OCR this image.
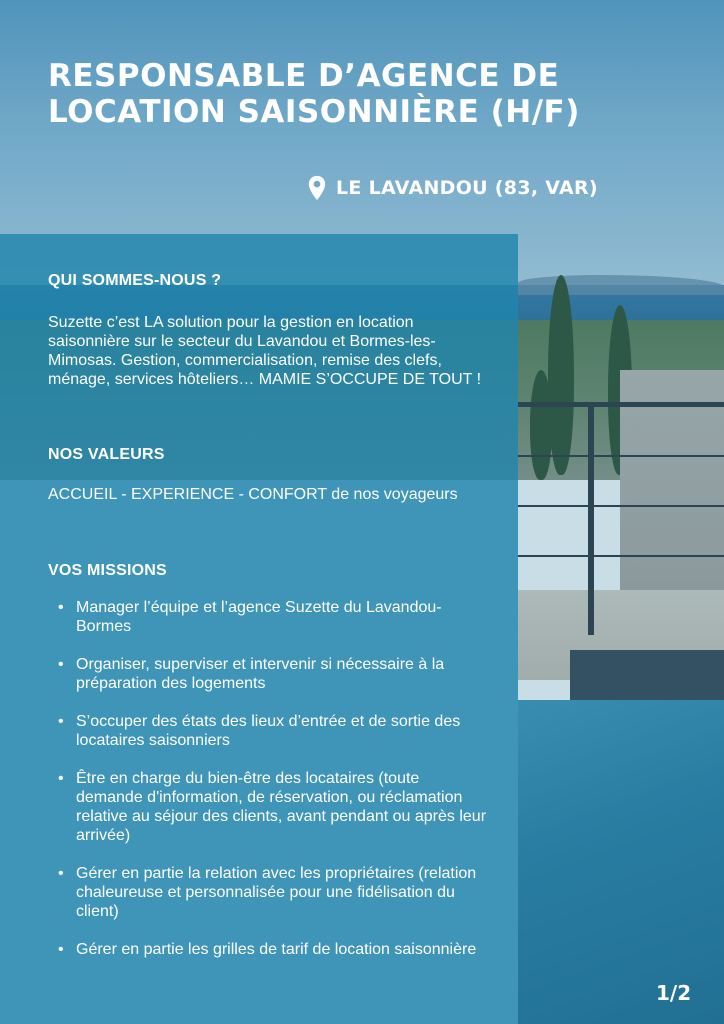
RESPONSABLE D’AGENCE DE LOCATION SAISONNIÈRE (H/F)
LE LAVANDOU (83, VAR)
QUI SOMMES-NOUS ?

Suzette c’est LA solution pour la gestion en location saisonnière sur le secteur du Lavandou et Bormes-les-Mimosas. Gestion, commercialisation, remise des clefs, ménage, services hôteliers… MAMIE S’OCCUPE DE TOUT !

NOS VALEURS

ACCUEIL - EXPERIENCE - CONFORT de nos voyageurs

VOS MISSIONS
• Manager l’équipe et l’agence Suzette du Lavandou-Bormes
• Organiser, superviser et intervenir si nécessaire à la préparation des logements
• S’occuper des états des lieux d’entrée et de sortie des locataires saisonniers
• Être en charge du bien-être des locataires (toute demande d'information, de réservation, ou réclamation relative au séjour des clients, avant pendant ou après leur arrivée)
• Gérer en partie la relation avec les propriétaires (relation chaleureuse et personnalisée pour une fidélisation du client)
• Gérer en partie les grilles de tarif de location saisonnière
1/2
